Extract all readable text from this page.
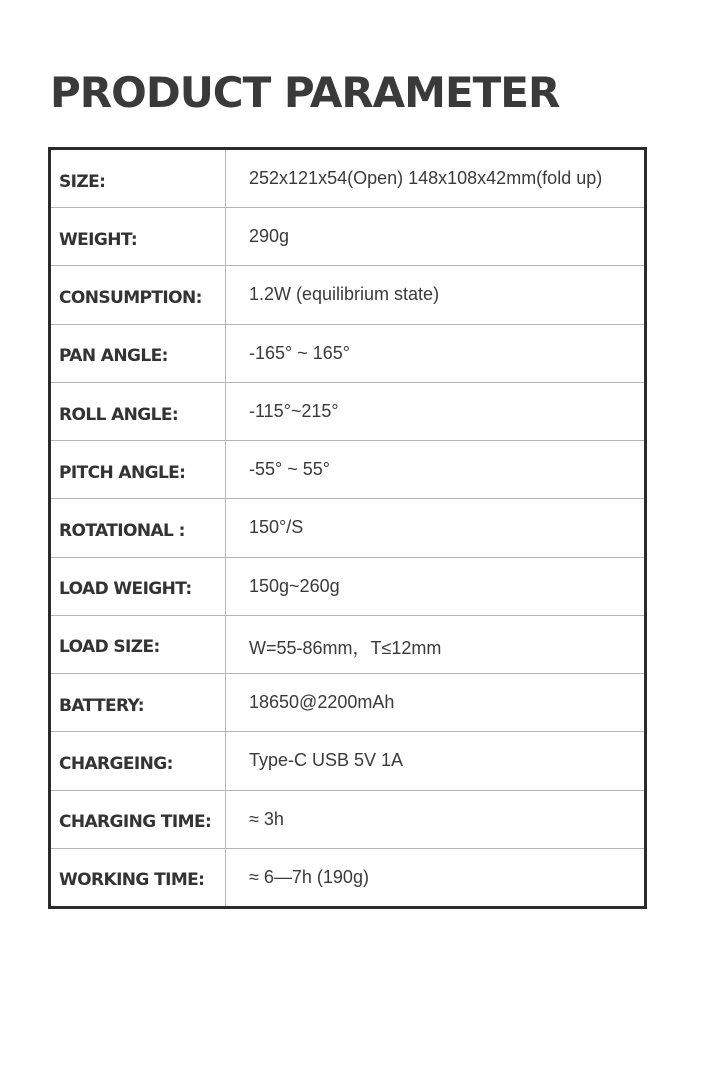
PRODUCT PARAMETER
SIZE:	252x121x54(Open) 148x108x42mm(fold up)
WEIGHT:	290g
CONSUMPTION:	1.2W (equilibrium state)
PAN ANGLE:	-165° ~ 165°
ROLL ANGLE:	-115°~215°
PITCH ANGLE:	-55° ~ 55°
ROTATIONAL :	150°/S
LOAD WEIGHT:	150g~260g
LOAD SIZE:	W=55-86mm，T≤12mm
BATTERY:	18650@2200mAh
CHARGEING:	Type-C USB 5V 1A
CHARGING TIME:	≈ 3h
WORKING TIME:	≈ 6—7h (190g)
